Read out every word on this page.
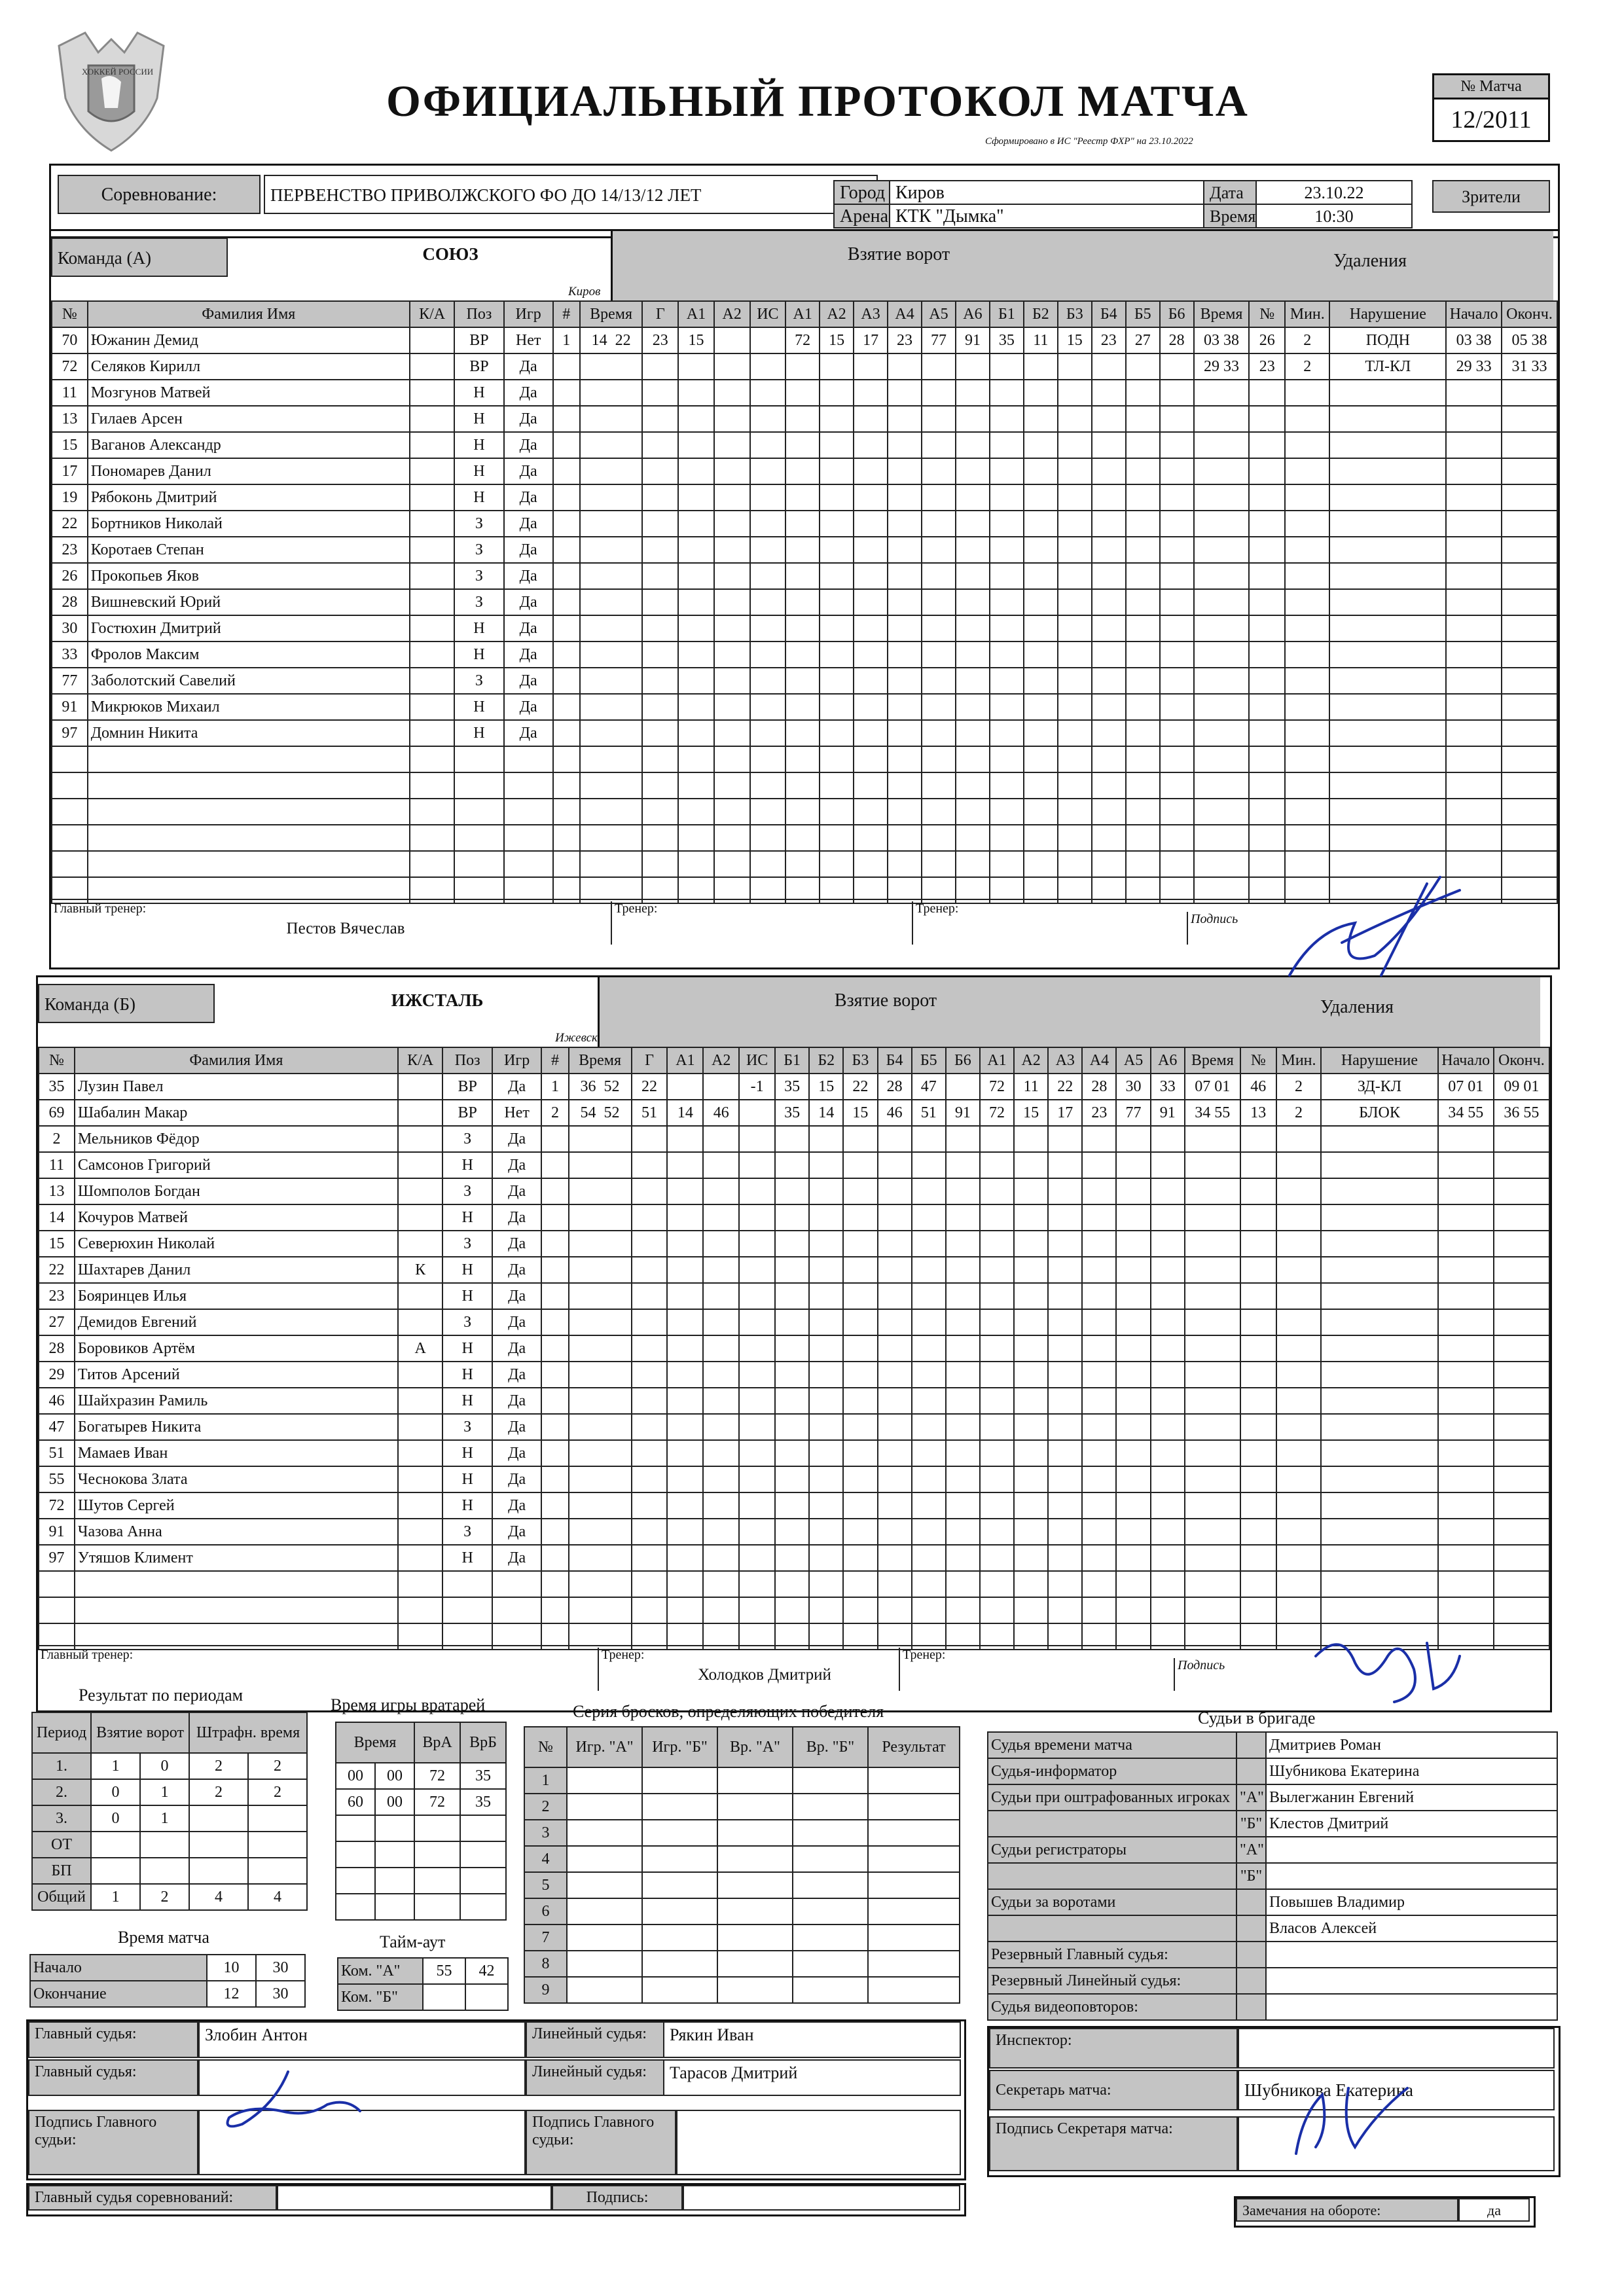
ХОККЕЙ РОССИИ
ОФИЦИАЛЬНЫЙ ПРОТОКОЛ МАТЧА
Сформировано в ИС "Реестр ФХР" на 23.10.2022
№ Матча
12/2011
Соревнование:	ПЕРВЕНСТВО ПРИВОЛЖСКОГО ФО ДО 14/13/12 ЛЕТ	Город Киров
Арена КТК "Дымка"
Дата	23.10.22
Время	10:30
Зрители
Команда (А)	СОЮЗ
Киров
Взятие ворот	Удаления
№	Фамилия Имя	К/А	Поз	Игр	#	Время	Г	А1	А2	ИС	А1	А2	А3	А4	А5	А6	Б1	Б2	Б3	Б4	Б5	Б6	Время	№	Мин.	Нарушение	Начало	Оконч.
70	Южанин Демид		ВР	Нет	1	14 22	23	15			72	15	17	23	77	91	35	11	15	23	27	28	03 38	26	2	ПОДН	03 38	05 38
72	Селяков Кирилл		ВР	Да																			29 33	23	2	ТЛ-КЛ	29 33	31 33
11	Мозгунов Матвей		Н	Да																								
13	Гилаев Арсен		Н	Да																								
15	Ваганов Александр		Н	Да																								
17	Пономарев Данил		Н	Да																								
19	Рябоконь Дмитрий		Н	Да																								
22	Бортников Николай		З	Да																								
23	Коротаев Степан		З	Да																								
26	Прокопьев Яков		З	Да																								
28	Вишневский Юрий		З	Да																								
30	Гостюхин Дмитрий		Н	Да																								
33	Фролов Максим		Н	Да																								
77	Заболотский Савелий		З	Да																								
91	Микрюков Михаил		Н	Да																								
97	Домнин Никита		Н	Да																								

Главный тренер:
Пестов Вячеслав
Тренер:	Тренер:
Подпись
Команда (Б)	ИЖСТАЛЬ
Ижевск
Взятие ворот	Удаления
№	Фамилия Имя	К/А	Поз	Игр	#	Время	Г	А1	А2	ИС	Б1	Б2	Б3	Б4	Б5	Б6	А1	А2	А3	А4	А5	А6	Время	№	Мин.	Нарушение	Начало	Оконч.
35	Лузин Павел		ВР	Да	1	36 52	22			-1	35	15	22	28	47		72	11	22	28	30	33	07 01	46	2	ЗД-КЛ	07 01	09 01
69	Шабалин Макар		ВР	Нет	2	54 52	51	14	46		35	14	15	46	51	91	72	15	17	23	77	91	34 55	13	2	БЛОК	34 55	36 55
2	Мельников Фёдор		З	Да																								
11	Самсонов Григорий		Н	Да																								
13	Шомполов Богдан		З	Да																								
14	Кочуров Матвей		Н	Да																								
15	Северюхин Николай		З	Да																								
22	Шахтарев Данил	К	Н	Да																								
23	Бояринцев Илья		Н	Да																								
27	Демидов Евгений		З	Да																								
28	Боровиков Артём	А	Н	Да																								
29	Титов Арсений		Н	Да																								
46	Шайхразин Рамиль		Н	Да																								
47	Богатырев Никита		З	Да																								
51	Мамаев Иван		Н	Да																								
55	Чеснокова Злата		Н	Да																								
72	Шутов Сергей		Н	Да																								
91	Чазова Анна		З	Да																								
97	Утяшов Климент		Н	Да																								

Главный тренер:	Тренер:
Холодков Дмитрий
Тренер:
Подпись
Результат по периодам
Период	Взятие ворот		Штрафн. время	
1.	1	0	2	2
2.	0	1	2	2
3.	0	1		
ОТ				
БП				
Общий	1	2	4	4
Время игры вратарей
Время		ВрА	ВрБ
00	00	72	35
60	00	72	35

Серия бросков, определяющих победителя
№	Игр. "А"	Игр. "Б"	Вр. "А"	Вр. "Б"	Результат
1					
2					
3					
4					
5					
6					
7					
8					
9					
Время матча
Начало	10	30
Окончание	12	30
Тайм-аут
Ком. "А"	55	42
Ком. "Б"		
Судьи в бригаде
Судья времени матча		Дмитриев Роман
Судья-информатор		Шубникова Екатерина
Судьи при оштрафованных игроках	"А"	Вылегжанин Евгений
	"Б"	Клестов Дмитрий
Судьи регистраторы	"А"	
	"Б"	
Судьи за воротами		Повышев Владимир
		Власов Алексей
Резервный Главный судья:		
Резервный Линейный судья:		
Судья видеоповторов:		
Главный судья:	Злобин Антон
Главный судья:
Линейный судья:	Рякин Иван
Линейный судья:	Тарасов Дмитрий
Подпись Главного судьи:
Подпись Главного судьи:
Главный судья соревнований:	Подпись:
Инспектор:
Секретарь матча:	Шубникова Екатерина
Подпись Секретаря матча:
Замечания на обороте:	да
